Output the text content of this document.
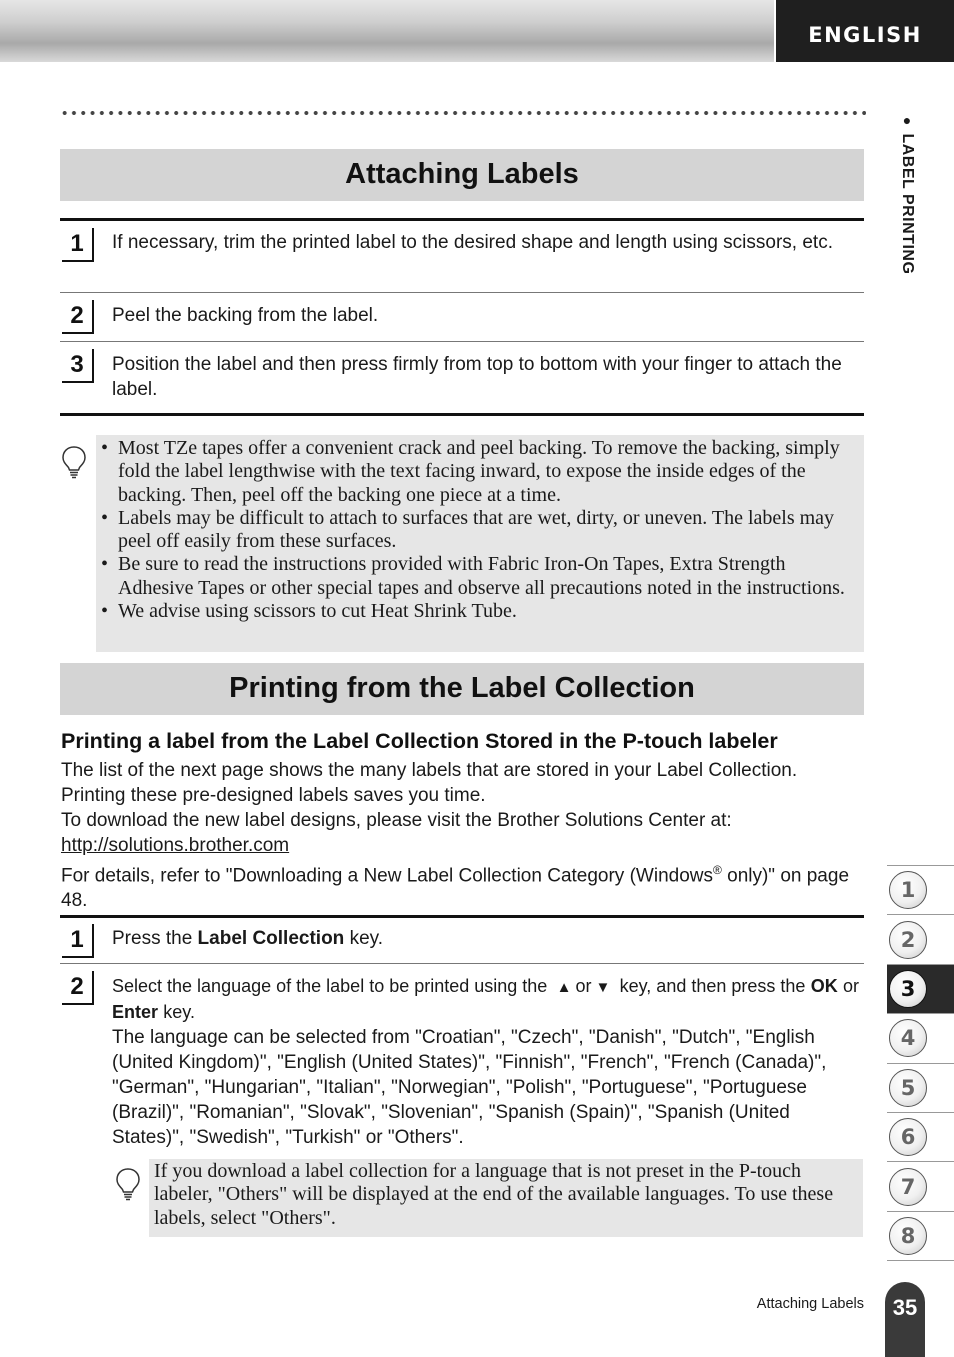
ENGLISH
● LABEL PRINTING
Attaching Labels
1	If necessary, trim the printed label to the desired shape and length using scissors, etc.
2	Peel the backing from the label.
3	Position the label and then press firmly from top to bottom with your finger to attach the label.
• Most TZe tapes offer a convenient crack and peel backing. To remove the backing, simply fold the label lengthwise with the text facing inward, to expose the inside edges of the backing. Then, peel off the backing one piece at a time.
• Labels may be difficult to attach to surfaces that are wet, dirty, or uneven. The labels may peel off easily from these surfaces.
• Be sure to read the instructions provided with Fabric Iron-On Tapes, Extra Strength Adhesive Tapes or other special tapes and observe all precautions noted in the instructions.
• We advise using scissors to cut Heat Shrink Tube.
Printing from the Label Collection
Printing a label from the Label Collection Stored in the P-touch labeler
The list of the next page shows the many labels that are stored in your Label Collection.
Printing these pre-designed labels saves you time.
To download the new label designs, please visit the Brother Solutions Center at:
http://solutions.brother.com
For details, refer to "Downloading a New Label Collection Category (Windows® only)" on page 48.
1	Press the Label Collection key.
2	Select the language of the label to be printed using the ▲ or ▼ key, and then press the OK or Enter key.
The language can be selected from "Croatian", "Czech", "Danish", "Dutch", "English (United Kingdom)", "English (United States)", "Finnish", "French", "French (Canada)", "German", "Hungarian", "Italian", "Norwegian", "Polish", "Portuguese", "Portuguese (Brazil)", "Romanian", "Slovak", "Slovenian", "Spanish (Spain)", "Spanish (United States)", "Swedish", "Turkish" or "Others".
If you download a label collection for a language that is not preset in the P-touch labeler, "Others" will be displayed at the end of the available languages. To use these labels, select "Others".
1
2
3
4
5
6
7
8
Attaching Labels	35
